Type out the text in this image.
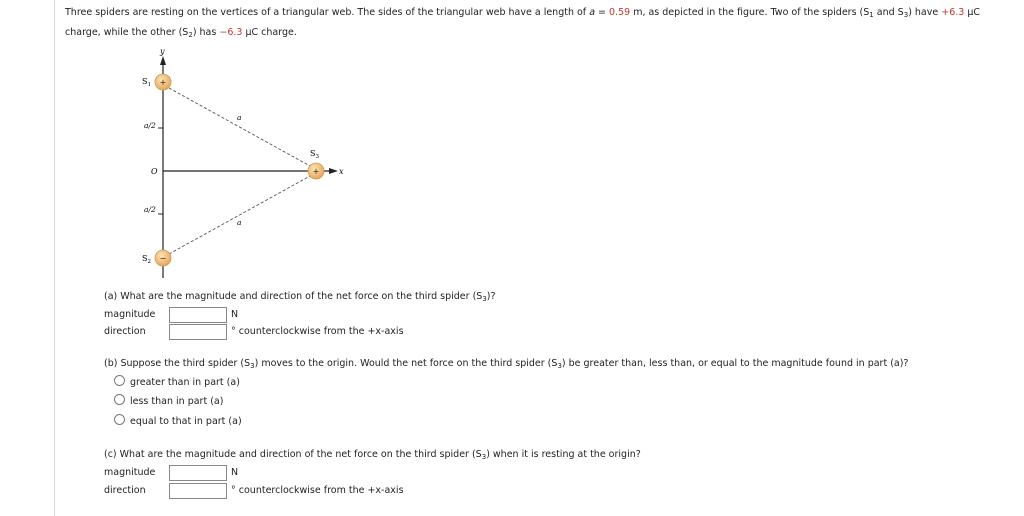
Three spiders are resting on the vertices of a triangular web. The sides of the triangular web have a length of a = 0.59 m, as depicted in the figure. Two of the spiders ($S_1$ and $S_3$) have +6.3 μC
charge, while the other $(S_2)$ has −6.3 μC charge.
y
x
a/2
a/2
O
a
a
$S_1$
$S_2$
$S_3$
+
−
+
(a) What are the magnitude and direction of the net force on the third spider $(S_3)$?
magnitude	N
direction	° counterclockwise from the +x-axis
(b) Suppose the third spider $(S_3)$ moves to the origin. Would the net force on the third spider $(S_3)$ be greater than, less than, or equal to the magnitude found in part (a)?
greater than in part (a)
less than in part (a)
equal to that in part (a)
(c) What are the magnitude and direction of the net force on the third spider $(S_3)$ when it is resting at the origin?
magnitude	N
direction	° counterclockwise from the +x-axis
